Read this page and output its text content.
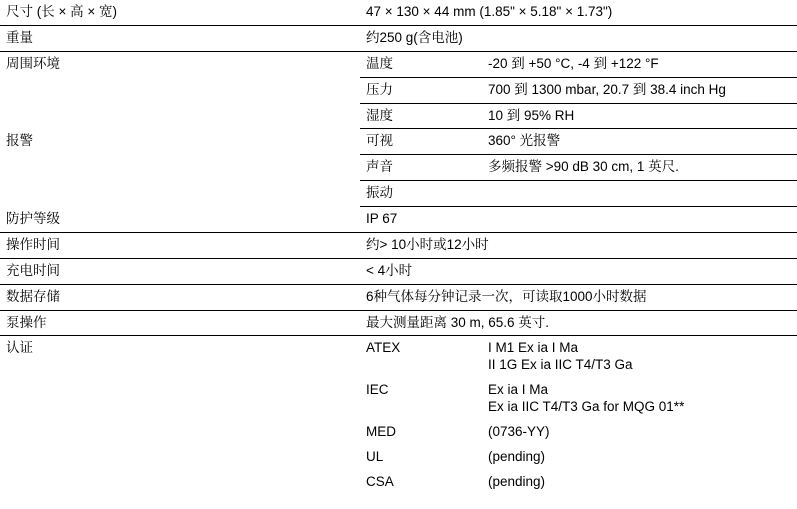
尺寸 (长 × 高 × 宽)	47 × 130 × 44 mm (1.85" × 5.18" × 1.73")	
重量	约250 g(含电池)	
周围环境	温度	-20 到 +50 °C, -4 到 +122 °F
	压力	700 到 1300 mbar, 20.7 到 38.4 inch Hg
	湿度	10 到 95% RH
报警	可视	360° 光报警
	声音	多频报警 >90 dB 30 cm, 1 英尺.
	振动	
防护等级	IP 67	
操作时间	约> 10小时或12小时	
充电时间	< 4小时	
数据存储	6种气体每分钟记录一次，可读取1000小时数据	
泵操作	最大测量距离 30 m, 65.6 英寸.	
认证	ATEX	I M1 Ex ia I Ma
II 1G Ex ia IIC T4/T3 Ga

	IEC	Ex ia I Ma
Ex ia IIC T4/T3 Ga for MQG 01**

	MED	(0736-YY)
	UL	(pending)
	CSA	(pending)
